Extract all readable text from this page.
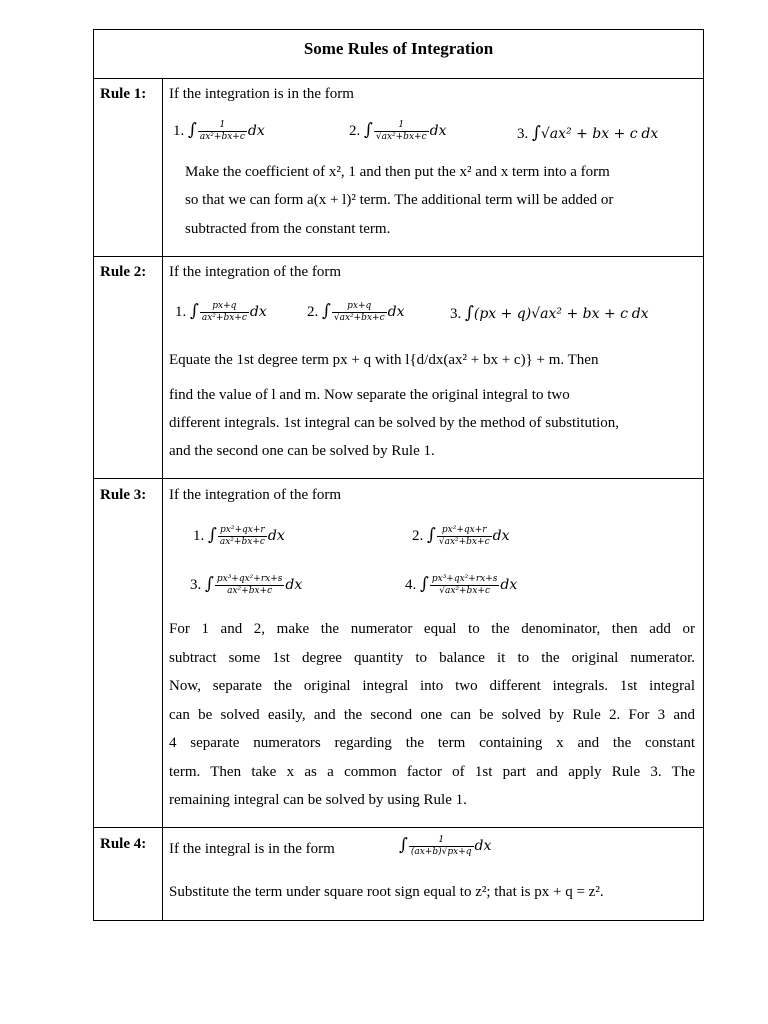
Some Rules of Integration
Rule 1: If the integration is in the form
1. ∫ $\frac{1}{\text{ax²+bx+c}}$ dx	2. ∫ $\frac{1}{\text{√ax²+bx+c}}$ dx	3. ∫√ax² + bx + c dx
Make the coefficient of x², 1 and then put the x² and x term into a form
so that we can form a(x + l)² term. The additional term will be added or
subtracted from the constant term.
Rule 2: If the integration of the form
1. ∫ $\frac{px+q}{\text{ax²+bx+c}}$ dx	2. ∫ $\frac{px+q}{\text{√ax²+bx+c}}$ dx	3. ∫(px + q)√ax² + bx + c dx
Equate the 1st degree term px + q with l{d/dx(ax² + bx + c)} + m. Then
find the value of l and m. Now separate the original integral to two
different integrals. 1st integral can be solved by the method of substitution,
and the second one can be solved by Rule 1.
Rule 3: If the integration of the form
1. ∫ $\frac{\text{px²+qx+r}}{\text{ax²+bx+c}}$ dx	2. ∫ $\frac{\text{px²+qx+r}}{\text{√ax²+bx+c}}$ dx
3. ∫ $\frac{\text{px³+qx²+rx+s}}{\text{ax²+bx+c}}$ dx	4. ∫ $\frac{\text{px³+qx²+rx+s}}{\text{√ax²+bx+c}}$ dx
For 1 and 2, make the numerator equal to the denominator, then add or
subtract some 1st degree quantity to balance it to the original numerator.
Now, separate the original integral into two different integrals. 1st integral
can be solved easily, and the second one can be solved by Rule 2. For 3 and
4 separate numerators regarding the term containing x and the constant
term. Then take x as a common factor of 1st part and apply Rule 3. The
remaining integral can be solved by using Rule 1.
Rule 4: If the integral is in the form	∫ $\frac{1}{(ax+b)√px+q}$ dx
Substitute the term under square root sign equal to z²; that is px + q = z².
